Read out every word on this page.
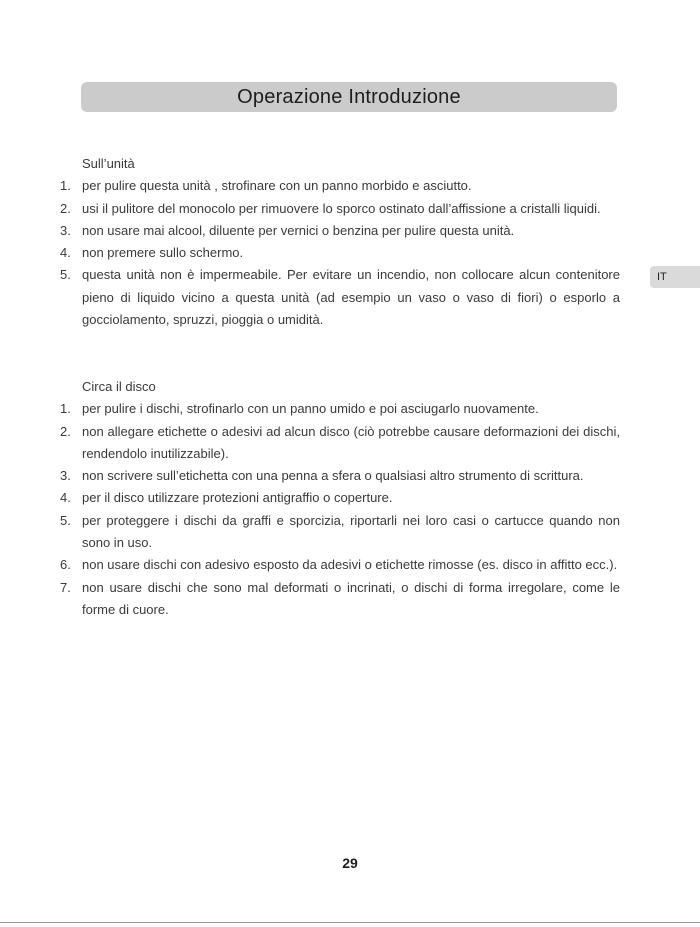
Operazione Introduzione
IT
Sull’unità
1. per pulire questa unità , strofinare con un panno morbido e asciutto.
2. usi il pulitore del monocolo per rimuovere lo sporco ostinato dall’affissione a cristalli liquidi.
3. non usare mai alcool, diluente per vernici o benzina per pulire questa unità.
4. non premere sullo schermo.
5. questa unità non è impermeabile. Per evitare un incendio, non collocare alcun contenitore pieno di liquido vicino a questa unità (ad esempio un vaso o vaso di fiori) o esporlo a gocciolamento, spruzzi, pioggia o umidità.
Circa il disco
1. per pulire i dischi, strofinarlo con un panno umido e poi asciugarlo nuovamente.
2. non allegare etichette o adesivi ad alcun disco (ciò potrebbe causare deformazioni dei dischi, rendendolo inutilizzabile).
3. non scrivere sull’etichetta con una penna a sfera o qualsiasi altro strumento di scrittura.
4. per il disco utilizzare protezioni antigraffio o coperture.
5. per proteggere i dischi da graffi e sporcizia, riportarli nei loro casi o cartucce quando non sono in uso.
6. non usare dischi con adesivo esposto da adesivi o etichette rimosse (es. disco in affitto ecc.).
7. non usare dischi che sono mal deformati o incrinati, o dischi di forma irregolare, come le forme di cuore.
29
